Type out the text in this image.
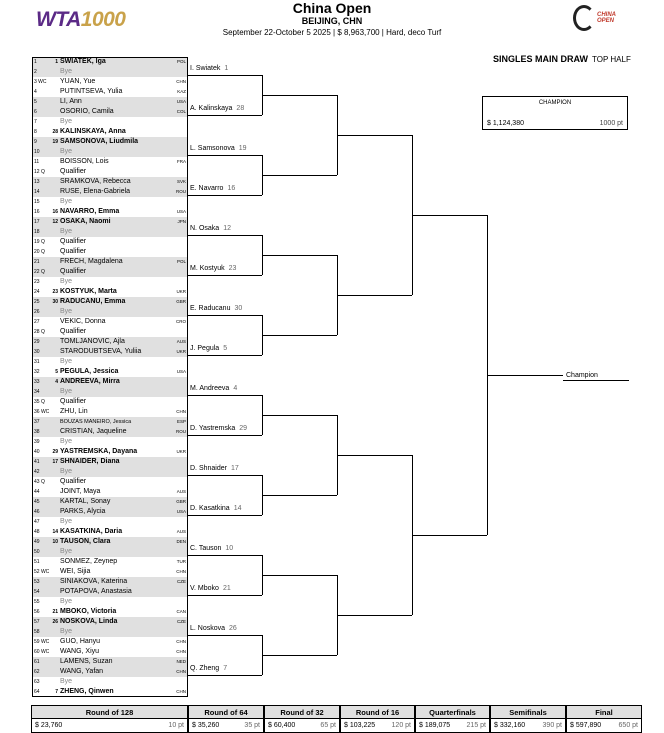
WTA1000	China Open
BEIJING, CHN
September 22-October 5 2025 | $ 8,963,700 | Hard, deco Turf
CHINA OPEN
SINGLES MAIN DRAW TOP HALF
CHAMPION
$ 1,124,380	1000 pt
Champion
1	1 SWIATEK, Iga	POL
2	Bye
3 WC YUAN, Yue	CHN
4	PUTINTSEVA, Yulia	KAZ
5	LI, Ann	USA
6	OSORIO, Camila	COL
7	Bye
8	28 KALINSKAYA, Anna
9	19 SAMSONOVA, Liudmila
10	Bye
11	BOISSON, Lois	FRA
12 Q	Qualifier
13	SRAMKOVA, Rebecca	SVK
14	RUSE, Elena-Gabriela	ROU
15	Bye
16	16 NAVARRO, Emma	USA
17	12 OSAKA, Naomi	JPN
18	Bye
19 Q	Qualifier
20 Q	Qualifier
21	FRECH, Magdalena	POL
22 Q	Qualifier
23	Bye
24	23 KOSTYUK, Marta	UKR
25	30 RADUCANU, Emma	GBR
26	Bye
27	VEKIC, Donna	CRO
28 Q	Qualifier
29	TOMLJANOVIC, Ajla	AUS
30	STARODUBTSEVA, Yuliia	UKR
31	Bye
32	5 PEGULA, Jessica	USA
33	4 ANDREEVA, Mirra
34	Bye
35 Q	Qualifier
36 WC ZHU, Lin	CHN
37	BOUZAS MANEIRO, Jessica	ESP
38	CRISTIAN, Jaqueline	ROU
39	Bye
40	29 YASTREMSKA, Dayana	UKR
41	17 SHNAIDER, Diana
42	Bye
43 Q	Qualifier
44	JOINT, Maya	AUS
45	KARTAL, Sonay	GBR
46	PARKS, Alycia	USA
47	Bye
48	14 KASATKINA, Daria	AUS
49	10 TAUSON, Clara	DEN
50	Bye
51	SONMEZ, Zeynep	TUR
52 WC WEI, Sijia	CHN
53	SINIAKOVA, Katerina	CZE
54	POTAPOVA, Anastasia
55	Bye
56	21 MBOKO, Victoria	CAN
57	26 NOSKOVA, Linda	CZE
58	Bye
59 WC GUO, Hanyu	CHN
60 WC WANG, Xiyu	CHN
61	LAMENS, Suzan	NED
62	WANG, Yafan	CHN
63	Bye
64	7 ZHENG, Qinwen	CHN
I. Swiatek 1
A. Kalinskaya 28
L. Samsonova 19
E. Navarro 16
N. Osaka 12
M. Kostyuk 23
E. Raducanu 30
J. Pegula 5
M. Andreeva 4
D. Yastremska 29
D. Shnaider 17
D. Kasatkina 14
C. Tauson 10
V. Mboko 21
L. Noskova 26
Q. Zheng 7
Round of 128
$ 23,760	10 pt
Round of 64
$ 35,260	35 pt
Round of 32
$ 60,400	65 pt
Round of 16
$ 103,225 120 pt
Quarterfinals
$ 189,075 215 pt
Semifinals
$ 332,160 390 pt
Final
$ 597,890 650 pt
